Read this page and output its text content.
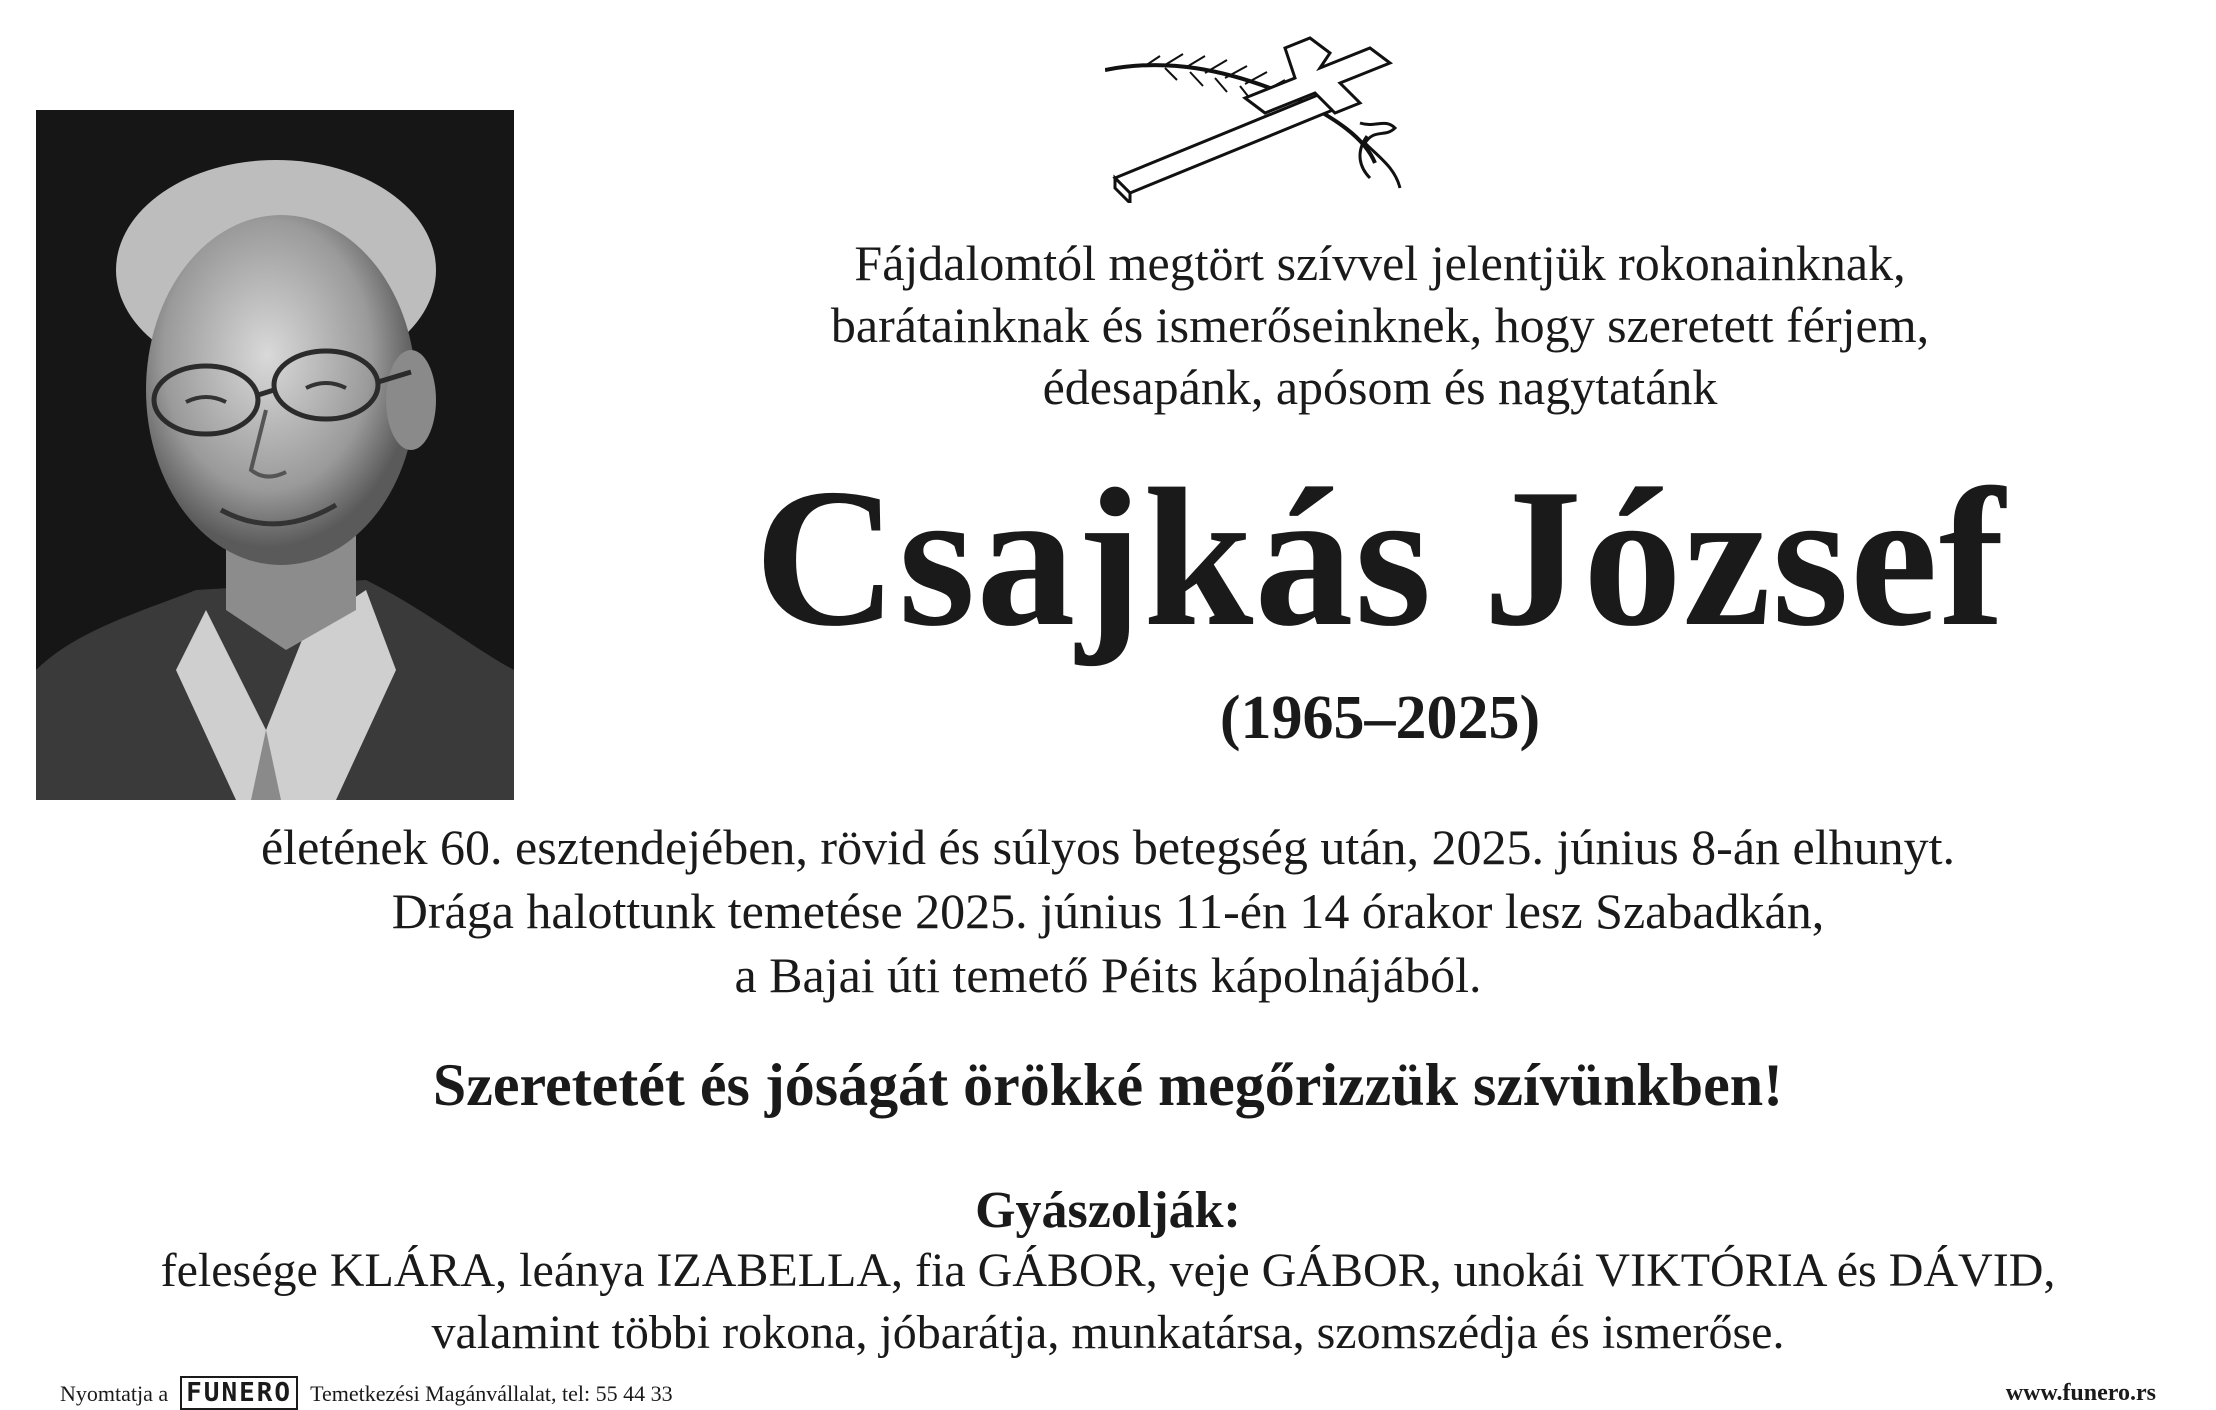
Fájdalomtól megtört szívvel jelentjük rokonainknak,
barátainknak és ismerőseinknek, hogy szeretett férjem,
édesapánk, apósom és nagytatánk
Csajkás József
(1965–2025)
életének 60. esztendejében, rövid és súlyos betegség után, 2025. június 8-án elhunyt.
Drága halottunk temetése 2025. június 11-én 14 órakor lesz Szabadkán,
a Bajai úti temető Péits kápolnájából.
Szeretetét és jóságát örökké megőrizzük szívünkben!
Gyászolják:
felesége KLÁRA, leánya IZABELLA, fia GÁBOR, veje GÁBOR, unokái VIKTÓRIA és DÁVID,
valamint többi rokona, jóbarátja, munkatársa, szomszédja és ismerőse.
Nyomtatja a FUNERO Temetkezési Magánvállalat, tel: 55 44 33	www.funero.rs
